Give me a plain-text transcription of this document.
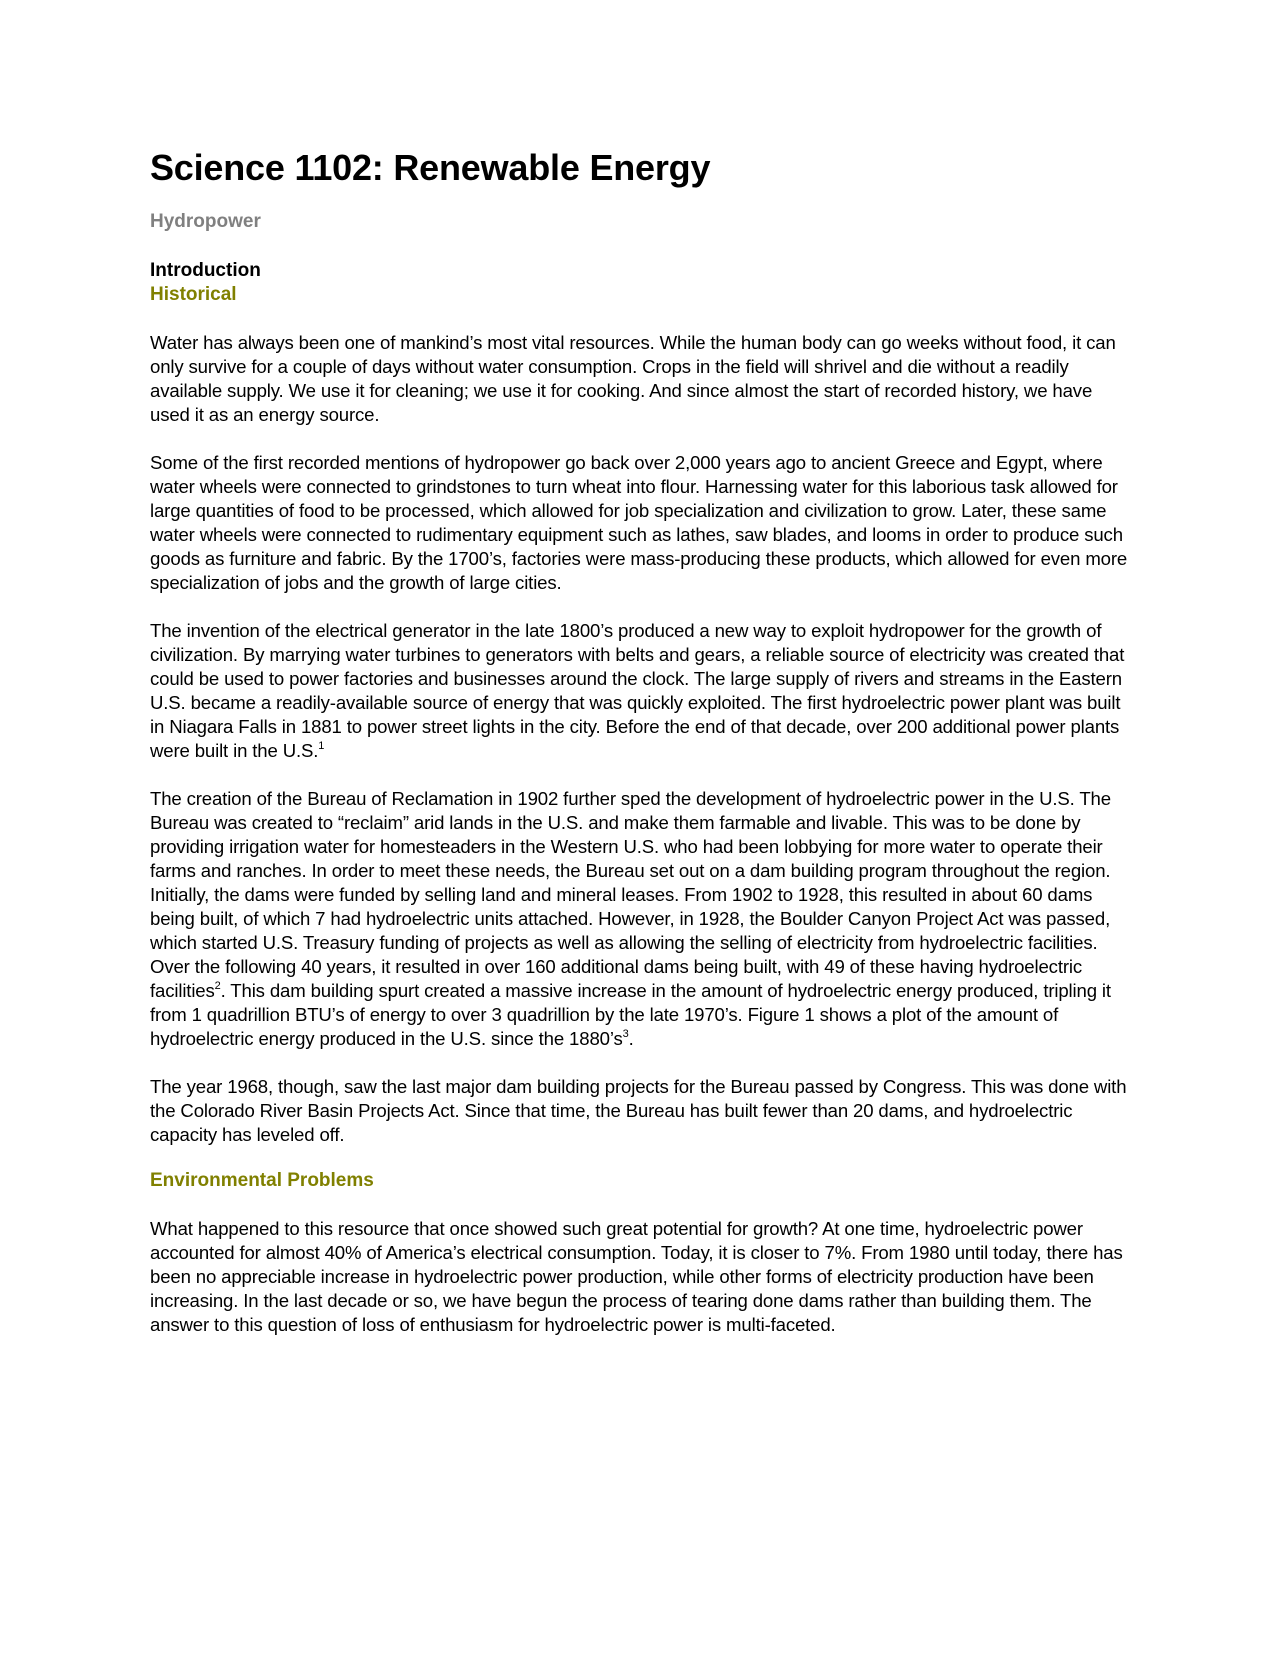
Science 1102: Renewable Energy
Hydropower
Introduction
Historical

Water has always been one of mankind’s most vital resources. While the human body can go weeks without food, it can only survive for a couple of days without water consumption. Crops in the field will shrivel and die without a readily available supply. We use it for cleaning; we use it for cooking. And since almost the start of recorded history, we have used it as an energy source.

Some of the first recorded mentions of hydropower go back over 2,000 years ago to ancient Greece and Egypt, where water wheels were connected to grindstones to turn wheat into flour. Harnessing water for this laborious task allowed for large quantities of food to be processed, which allowed for job specialization and civilization to grow. Later, these same water wheels were connected to rudimentary equipment such as lathes, saw blades, and looms in order to produce such goods as furniture and fabric. By the 1700’s, factories were mass-producing these products, which allowed for even more specialization of jobs and the growth of large cities.

The invention of the electrical generator in the late 1800’s produced a new way to exploit hydropower for the growth of civilization. By marrying water turbines to generators with belts and gears, a reliable source of electricity was created that could be used to power factories and businesses around the clock. The large supply of rivers and streams in the Eastern U.S. became a readily-available source of energy that was quickly exploited. The first hydroelectric power plant was built in Niagara Falls in 1881 to power street lights in the city. Before the end of that decade, over 200 additional power plants were built in the U.S.$^1$

The creation of the Bureau of Reclamation in 1902 further sped the development of hydroelectric power in the U.S. The Bureau was created to “reclaim” arid lands in the U.S. and make them farmable and livable. This was to be done by providing irrigation water for homesteaders in the Western U.S. who had been lobbying for more water to operate their farms and ranches. In order to meet these needs, the Bureau set out on a dam building program throughout the region. Initially, the dams were funded by selling land and mineral leases. From 1902 to 1928, this resulted in about 60 dams being built, of which 7 had hydroelectric units attached. However, in 1928, the Boulder Canyon Project Act was passed, which started U.S. Treasury funding of projects as well as allowing the selling of electricity from hydroelectric facilities. Over the following 40 years, it resulted in over 160 additional dams being built, with 49 of these having hydroelectric facilities$^2$. This dam building spurt created a massive increase in the amount of hydroelectric energy produced, tripling it from 1 quadrillion BTU’s of energy to over 3 quadrillion by the late 1970’s. Figure 1 shows a plot of the amount of hydroelectric energy produced in the U.S. since the $1880’s^3$.

The year 1968, though, saw the last major dam building projects for the Bureau passed by Congress. This was done with the Colorado River Basin Projects Act. Since that time, the Bureau has built fewer than 20 dams, and hydroelectric capacity has leveled off.

Environmental Problems

What happened to this resource that once showed such great potential for growth? At one time, hydroelectric power accounted for almost 40% of America’s electrical consumption. Today, it is closer to 7%. From 1980 until today, there has been no appreciable increase in hydroelectric power production, while other forms of electricity production have been increasing. In the last decade or so, we have begun the process of tearing done dams rather than building them. The answer to this question of loss of enthusiasm for hydroelectric power is multi-faceted.
